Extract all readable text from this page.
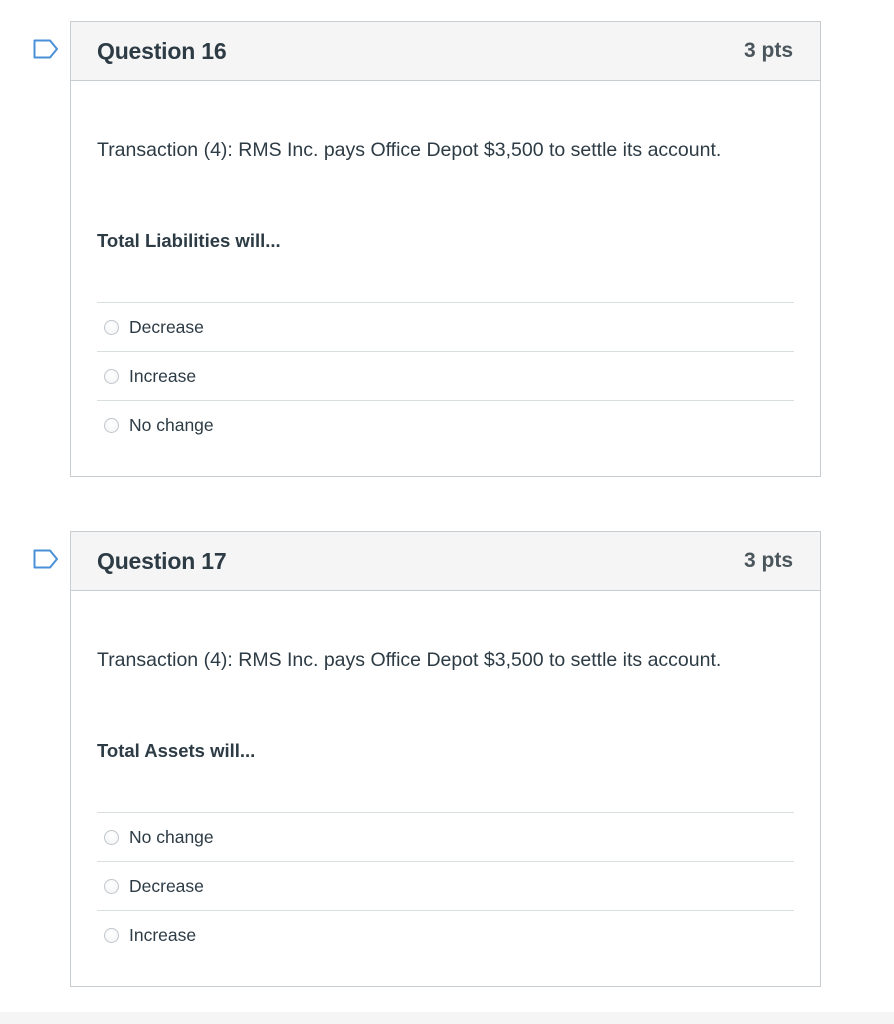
Question 16	3 pts
Transaction (4): RMS Inc. pays Office Depot $3,500 to settle its account.
Total Liabilities will...
Decrease
Increase
No change
Question 17	3 pts
Transaction (4): RMS Inc. pays Office Depot $3,500 to settle its account.
Total Assets will...
No change
Decrease
Increase
